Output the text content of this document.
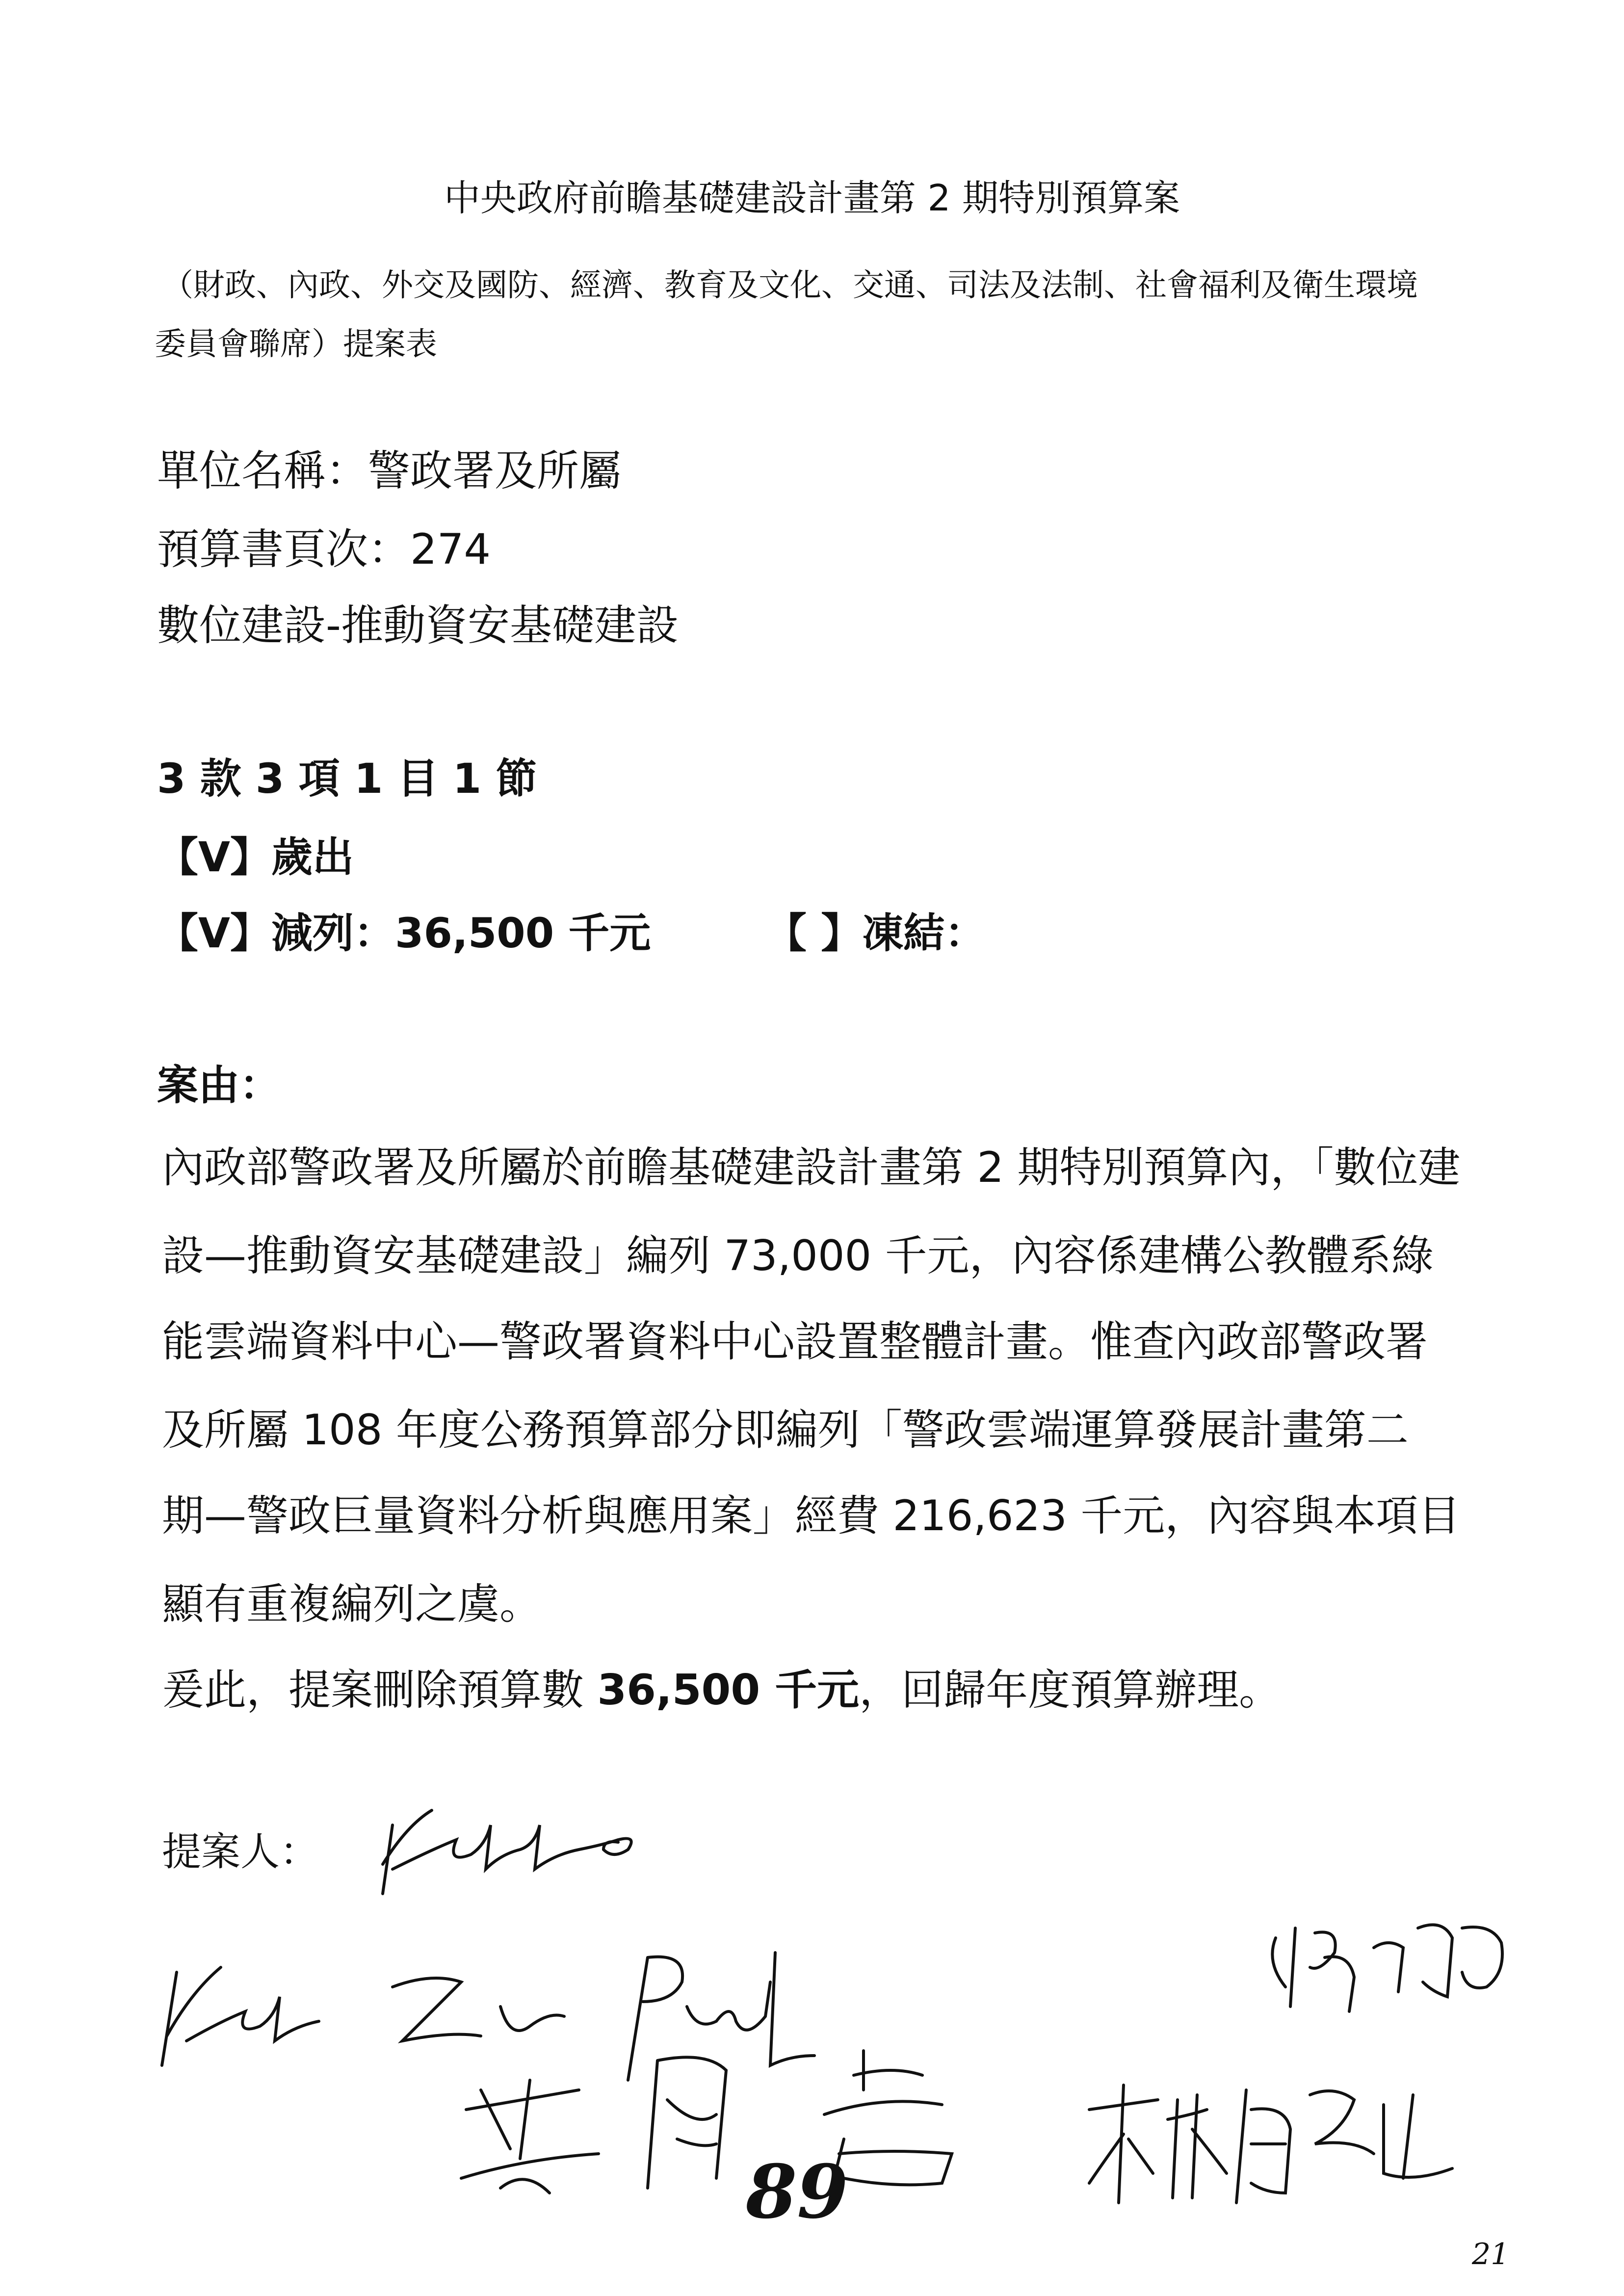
中央政府前瞻基礎建設計畫第 2 期特別預算案
（財政、內政、外交及國防、經濟、教育及文化、交通、司法及法制、社會福利及衛生環境
委員會聯席）提案表
單位名稱：警政署及所屬
預算書頁次：274
數位建設-推動資安基礎建設
3 款 3 項 1 目 1 節
【V】歲出
【V】減列：36,500 千元	【 】凍結：
案由：
內政部警政署及所屬於前瞻基礎建設計畫第 2 期特別預算內，「數位建
設—推動資安基礎建設」編列 73,000 千元，內容係建構公教體系綠
能雲端資料中心—警政署資料中心設置整體計畫。惟查內政部警政署
及所屬 108 年度公務預算部分即編列「警政雲端運算發展計畫第二
期—警政巨量資料分析與應用案」經費 216,623 千元，內容與本項目
顯有重複編列之虞。
爰此，提案刪除預算數 36,500 千元，回歸年度預算辦理。
提案人：
89
21
